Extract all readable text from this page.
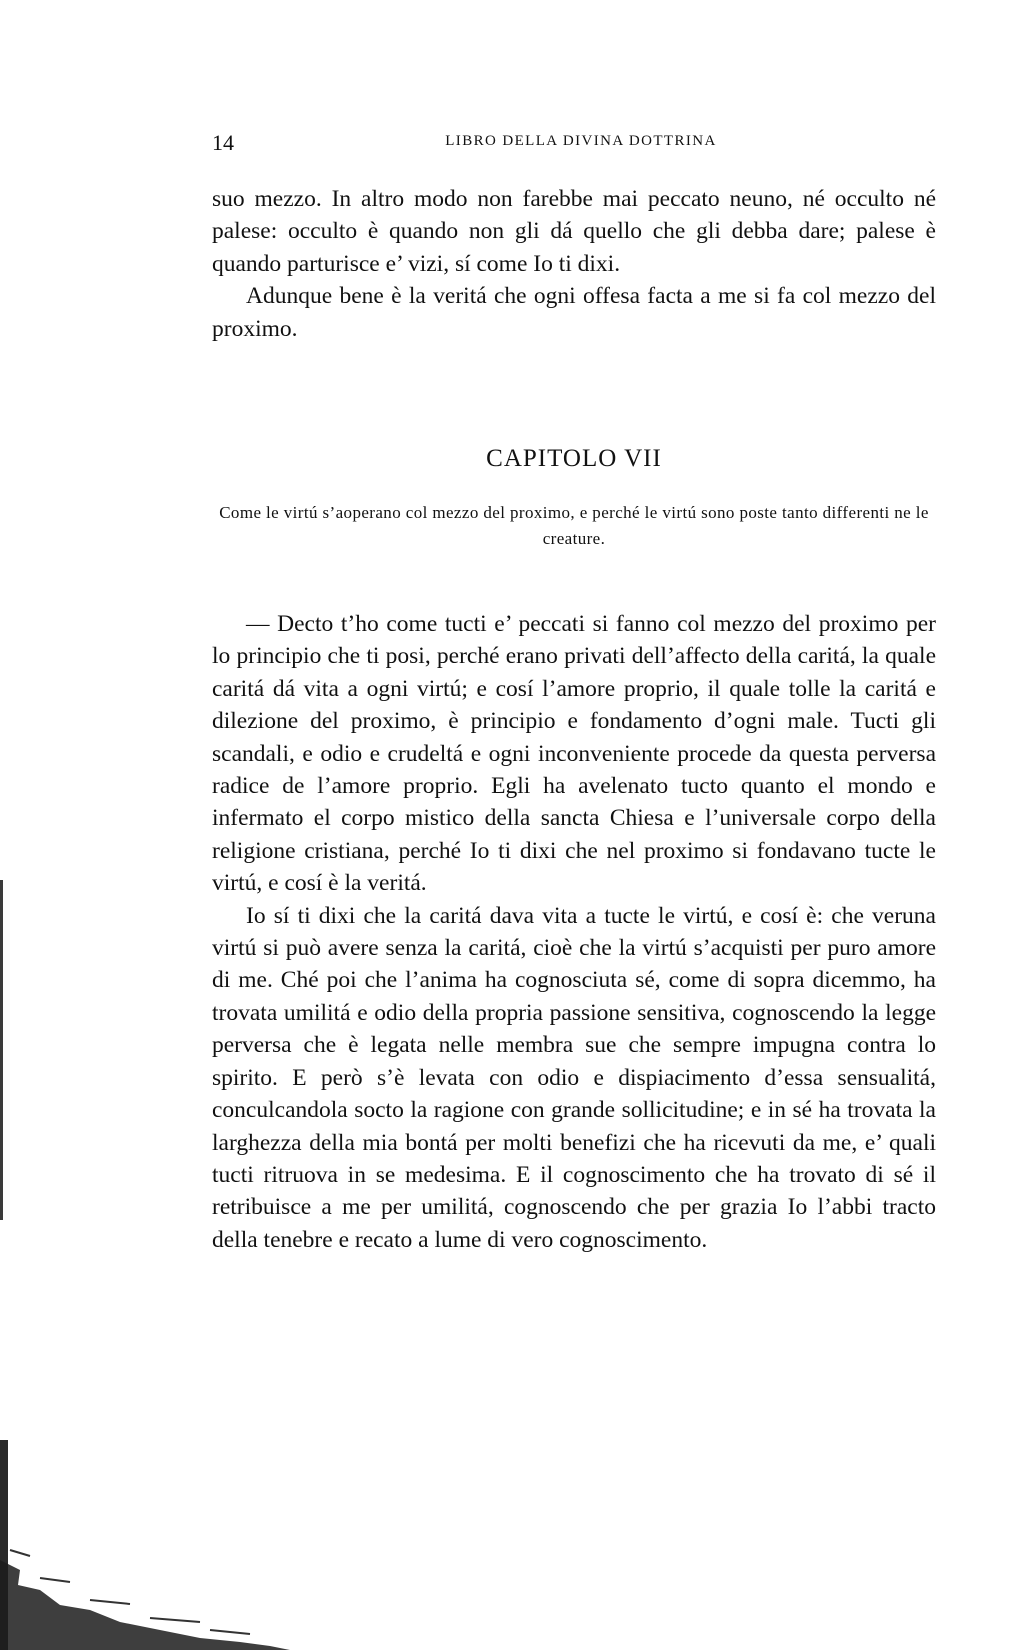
14	LIBRO DELLA DIVINA DOTTRINA

suo mezzo. In altro modo non farebbe mai peccato neuno, né occulto né palese: occulto è quando non gli dá quello che gli debba dare; palese è quando parturisce e’ vizi, sí come Io ti dixi.

Adunque bene è la veritá che ogni offesa facta a me si fa col mezzo del proximo.

CAPITOLO VII
Come le virtú s’aoperano col mezzo del proximo, e perché le virtú sono poste tanto differenti ne le creature.

— Decto t’ho come tucti e’ peccati si fanno col mezzo del proximo per lo principio che ti posi, perché erano privati dell’affecto della caritá, la quale caritá dá vita a ogni virtú; e cosí l’amore proprio, il quale tolle la caritá e dilezione del proximo, è principio e fondamento d’ogni male. Tucti gli scandali, e odio e crudeltá e ogni inconveniente procede da questa perversa radice de l’amore proprio. Egli ha avelenato tucto quanto el mondo e infermato el corpo mistico della sancta Chiesa e l’universale corpo della religione cristiana, perché Io ti dixi che nel proximo si fondavano tucte le virtú, e cosí è la veritá.

Io sí ti dixi che la caritá dava vita a tucte le virtú, e cosí è: che veruna virtú si può avere senza la caritá, cioè che la virtú s’acquisti per puro amore di me. Ché poi che l’anima ha cognosciuta sé, come di sopra dicemmo, ha trovata umilitá e odio della propria passione sensitiva, cognoscendo la legge perversa che è legata nelle membra sue che sempre impugna contra lo spirito. E però s’è levata con odio e dispiacimento d’essa sensualitá, conculcandola socto la ragione con grande sollicitudine; e in sé ha trovata la larghezza della mia bontá per molti benefizi che ha ricevuti da me, e’ quali tucti ritruova in se medesima. E il cognoscimento che ha trovato di sé il retribuisce a me per umilitá, cognoscendo che per grazia Io l’abbi tracto della tenebre e recato a lume di vero cognoscimento.
